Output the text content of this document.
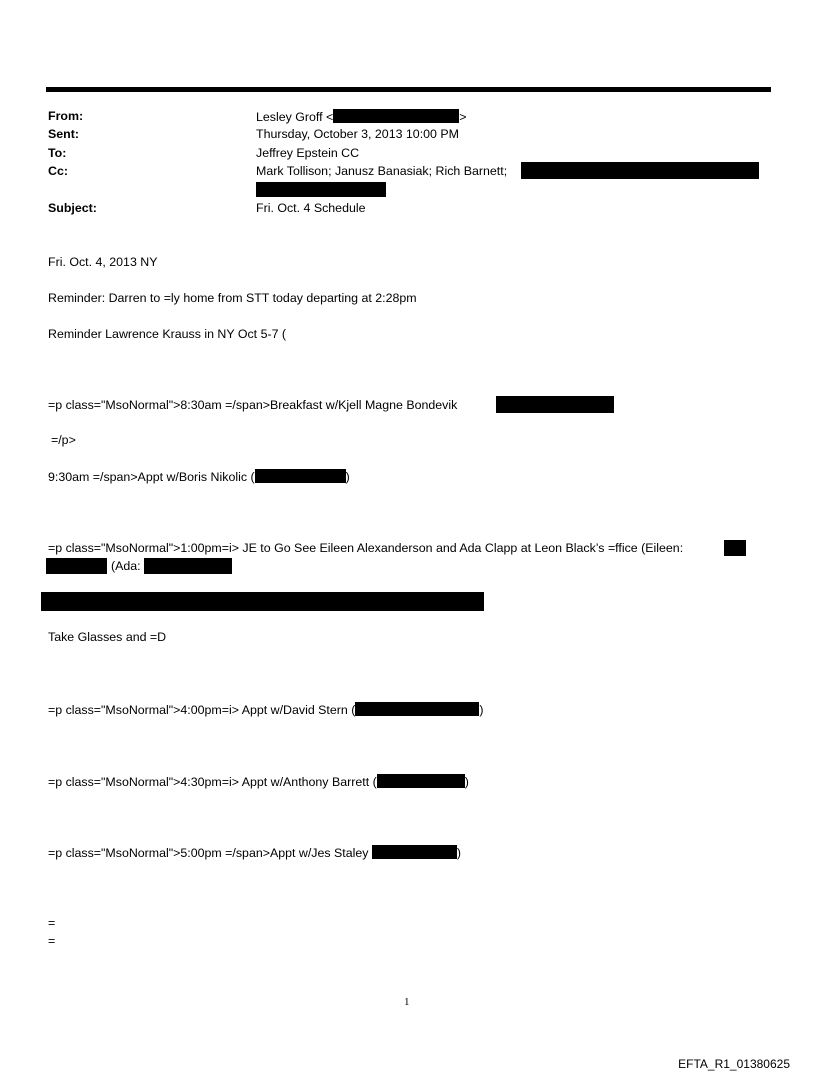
From:	Lesley Groff <	>
Sent:	Thursday, October 3, 2013 10:00 PM
To:	Jeffrey Epstein CC
Cc:	Mark Tollison; Janusz Banasiak; Rich Barnett;
Subject:	Fri. Oct. 4 Schedule
Fri. Oct. 4, 2013 NY
Reminder: Darren to =ly home from STT today departing at 2:28pm
Reminder Lawrence Krauss in NY Oct 5-7 (
=p class="MsoNormal">8:30am =/span>Breakfast w/Kjell Magne Bondevik
=/p>
9:30am =/span>Appt w/Boris Nikolic (	)
=p class="MsoNormal">1:00pm=i> JE to Go See Eileen Alexanderson and Ada Clapp at Leon Black’s =ffice (Eileen:
(Ada:
Take Glasses and =D
=p class="MsoNormal">4:00pm=i> Appt w/David Stern (	)
=p class="MsoNormal">4:30pm=i> Appt w/Anthony Barrett (	)
=p class="MsoNormal">5:00pm =/span>Appt w/Jes Staley	)
=
=
1
EFTA_R1_01380625
